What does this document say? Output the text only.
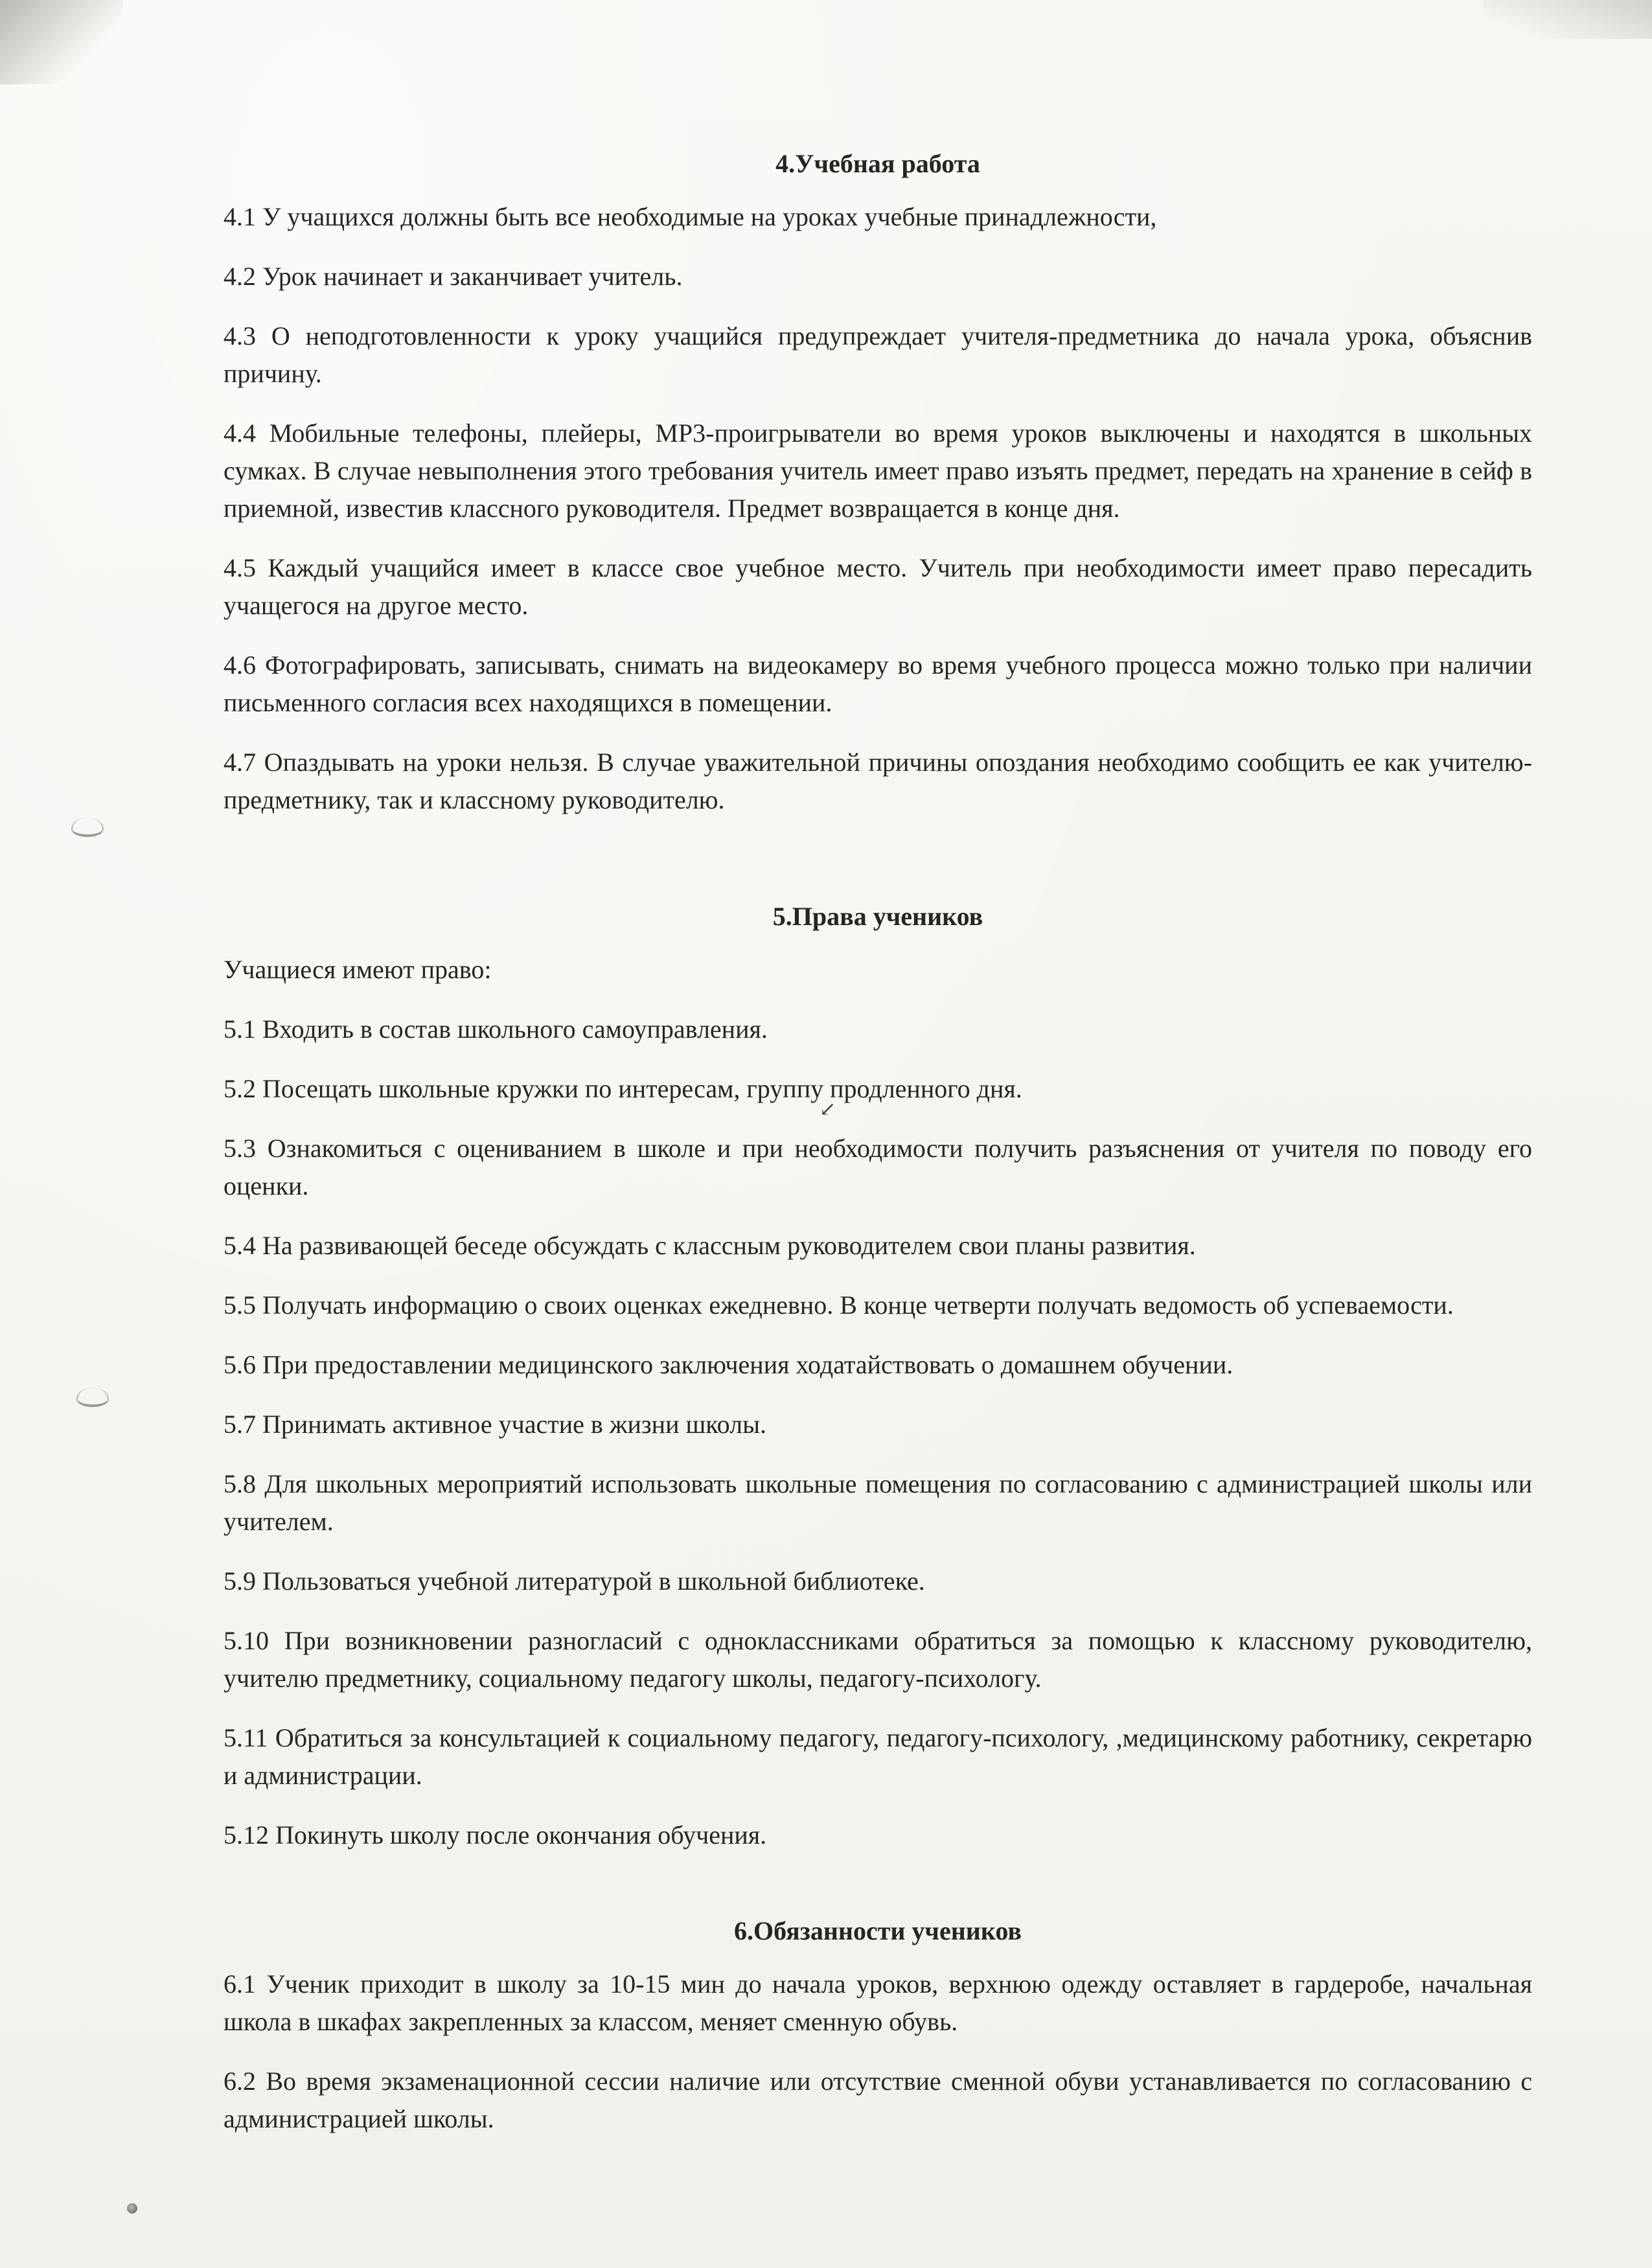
↙
4.Учебная работа

4.1 У учащихся должны быть все необходимые на уроках учебные принадлежности,

4.2 Урок начинает и заканчивает учитель.

4.3 О неподготовленности к уроку учащийся предупреждает учителя-предметника до начала урока, объяснив причину.

4.4 Мобильные телефоны, плейеры, МР3-проигрыватели во время уроков выключены и находятся в школьных сумках. В случае невыполнения этого требования учитель имеет право изъять предмет, передать на хранение в сейф в приемной, известив классного руководителя. Предмет возвращается в конце дня.

4.5 Каждый учащийся имеет в классе свое учебное место. Учитель при необходимости имеет право пересадить учащегося на другое место.

4.6 Фотографировать, записывать, снимать на видеокамеру во время учебного процесса можно только при наличии письменного согласия всех находящихся в помещении.

4.7 Опаздывать на уроки нельзя. В случае уважительной причины опоздания необходимо сообщить ее как учителю-предметнику, так и классному руководителю.

5.Права учеников

Учащиеся имеют право:

5.1 Входить в состав школьного самоуправления.

5.2 Посещать школьные кружки по интересам, группу продленного дня.

5.3 Ознакомиться с оцениванием в школе и при необходимости получить разъяснения от учителя по поводу его оценки.

5.4 На развивающей беседе обсуждать с классным руководителем свои планы развития.

5.5 Получать информацию о своих оценках ежедневно. В конце четверти получать ведомость об успеваемости.

5.6 При предоставлении медицинского заключения ходатайствовать о домашнем обучении.

5.7 Принимать активное участие в жизни школы.

5.8 Для школьных мероприятий использовать школьные помещения по согласованию с администрацией школы или учителем.

5.9 Пользоваться учебной литературой в школьной библиотеке.

5.10 При возникновении разногласий с одноклассниками обратиться за помощью к классному руководителю, учителю предметнику, социальному педагогу школы, педагогу-психологу.

5.11 Обратиться за консультацией к социальному педагогу, педагогу-психологу, ,медицинскому работнику, секретарю и администрации.

5.12 Покинуть школу после окончания обучения.

6.Обязанности учеников

6.1 Ученик приходит в школу за 10-15 мин до начала уроков, верхнюю одежду оставляет в гардеробе, начальная школа в шкафах закрепленных за классом, меняет сменную обувь.

6.2 Во время экзаменационной сессии наличие или отсутствие сменной обуви устанавливается по согласованию с администрацией школы.
